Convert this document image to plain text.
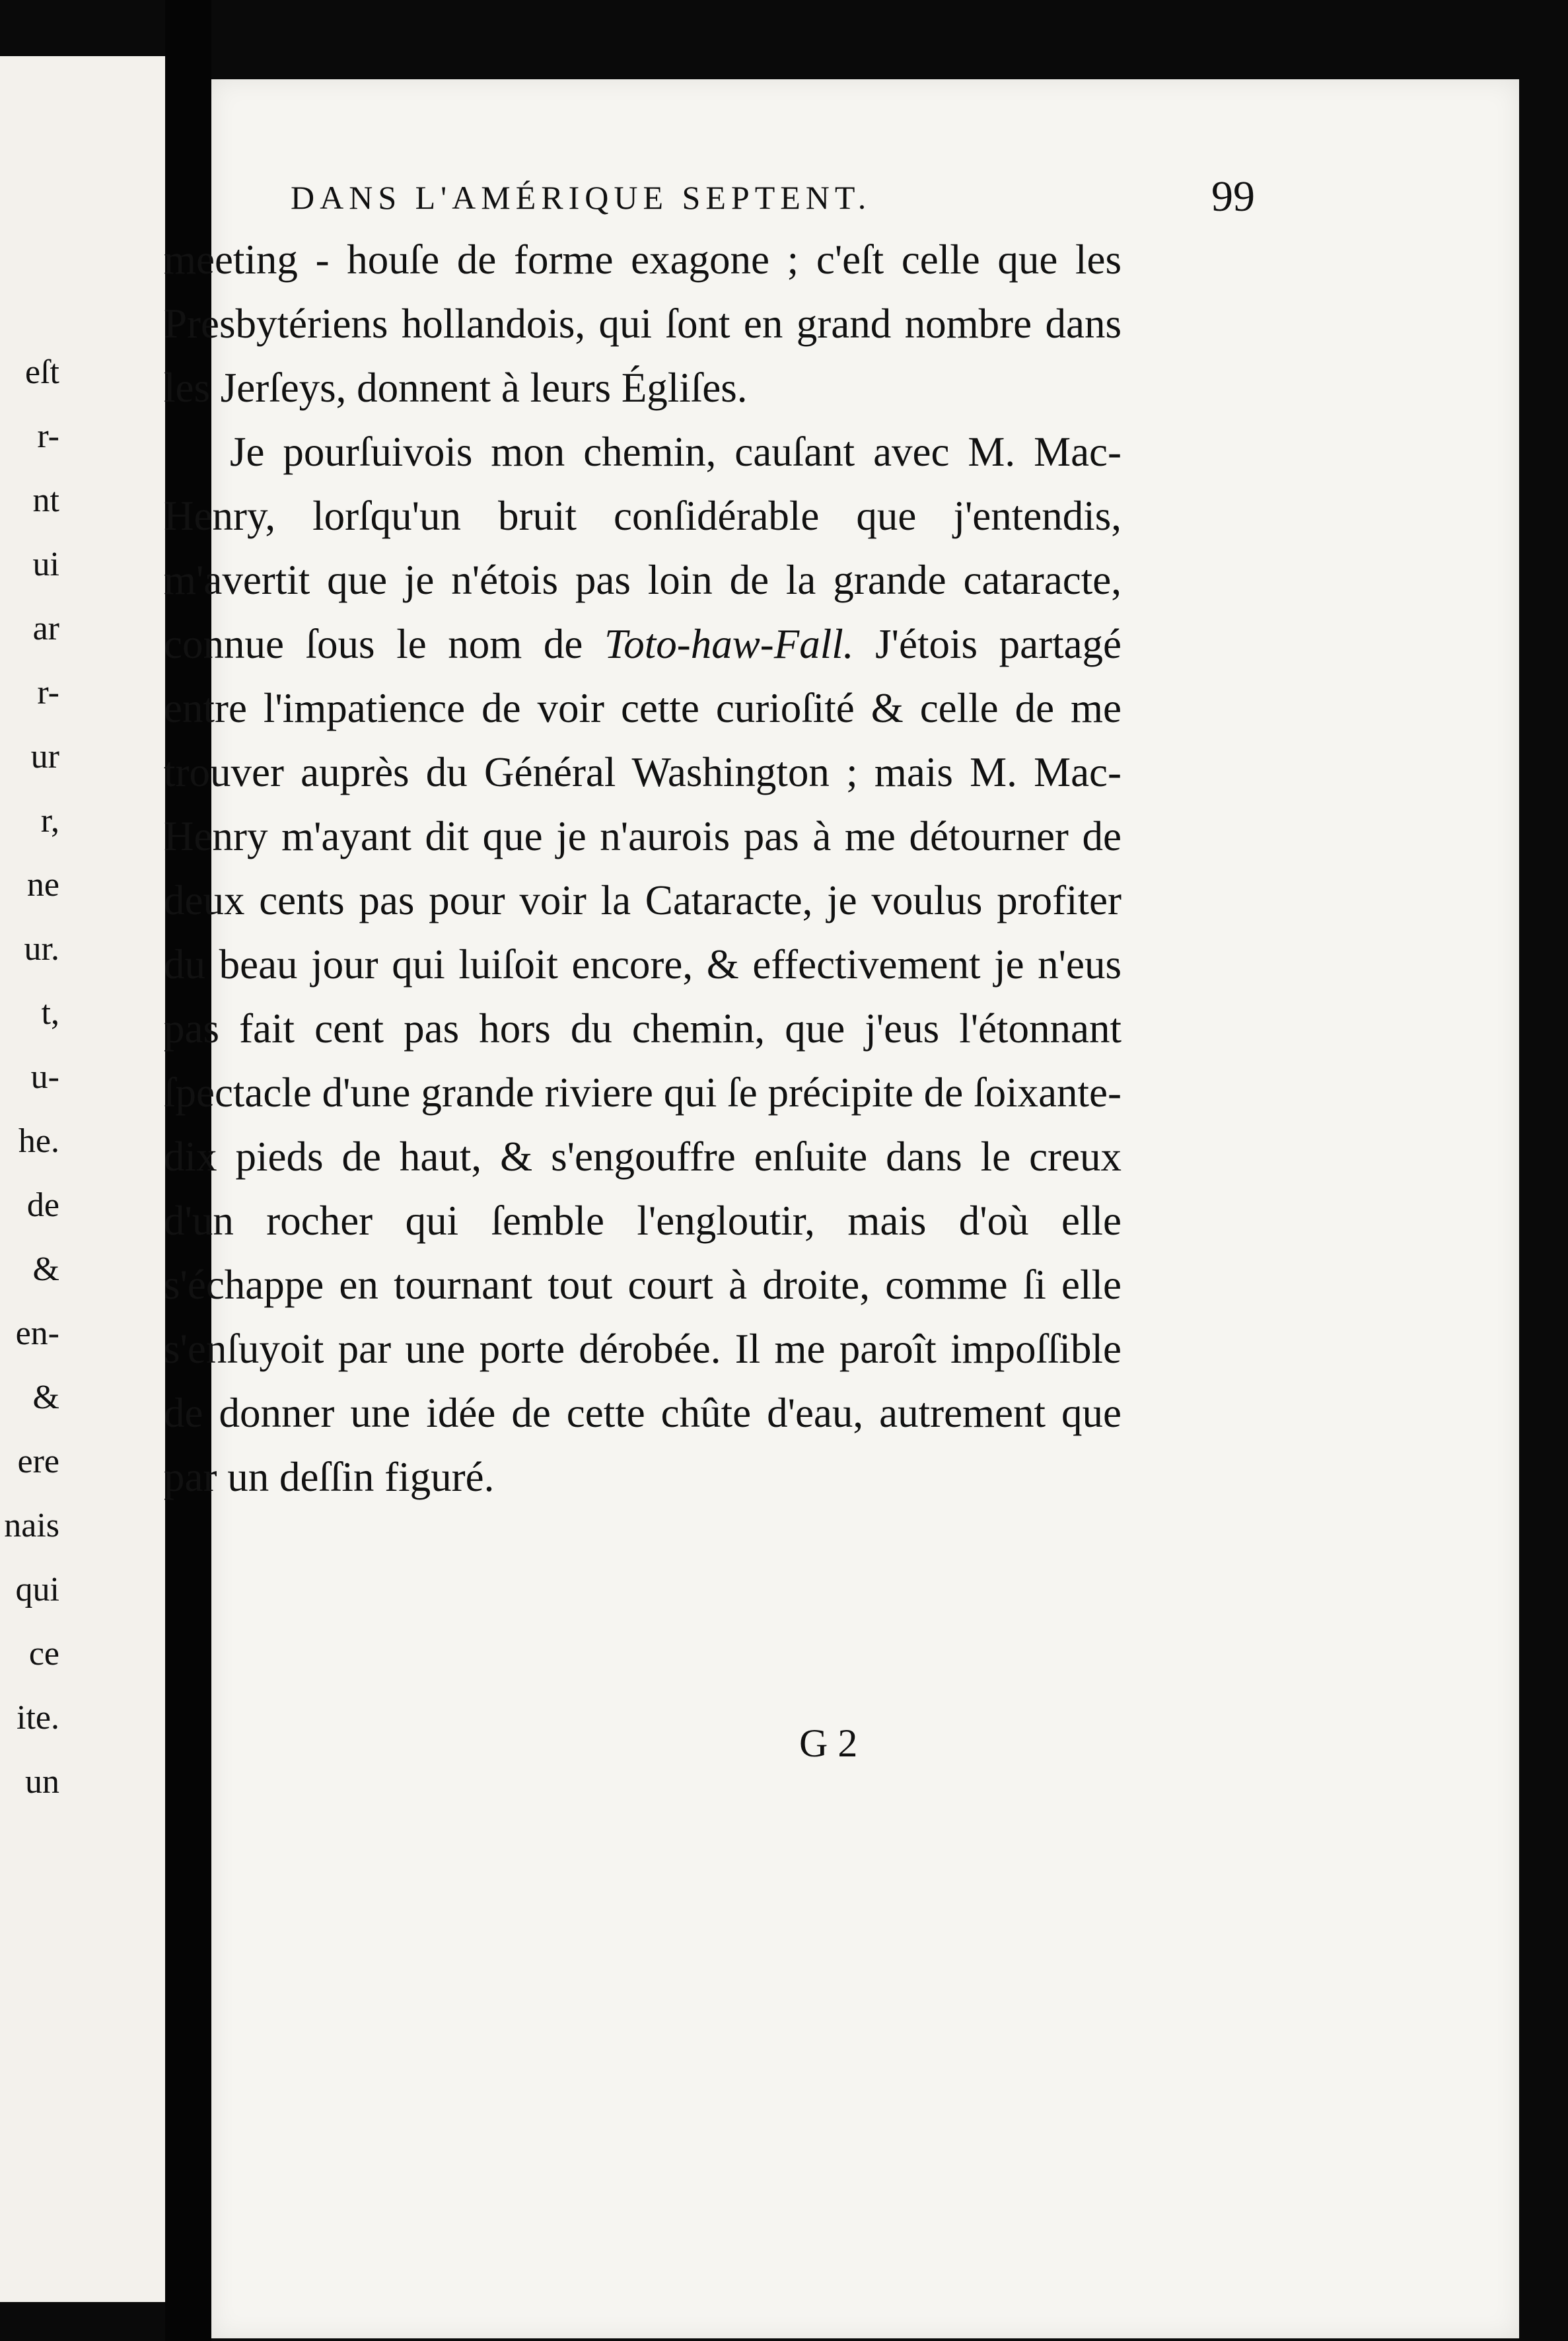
eſt
r-
nt
ui
ar
r-
ur
r,
ne
ur.
t,
u-
he.
de
&
en-
&
ere
nais
qui
ce
ite.
un
DANS L'AMÉRIQUE SEPTENT.	99

meeting - houſe de forme exagone ; c'eſt celle que les Presbytériens hollandois, qui ſont en grand nombre dans les Jerſeys, donnent à leurs Égliſes.

Je pourſuivois mon chemin, cauſant avec M. Mac-Henry, lorſqu'un bruit conſidérable que j'entendis, m'avertit que je n'étois pas loin de la grande cataracte, connue ſous le nom de Toto-haw-Fall. J'étois partagé entre l'impatience de voir cette curioſité & celle de me trouver auprès du Général Washington ; mais M. Mac-Henry m'ayant dit que je n'aurois pas à me détourner de deux cents pas pour voir la Cataracte, je voulus profiter du beau jour qui luiſoit encore, & effectivement je n'eus pas fait cent pas hors du chemin, que j'eus l'étonnant ſpectacle d'une grande riviere qui ſe précipite de ſoixante-dix pieds de haut, & s'engouffre enſuite dans le creux d'un rocher qui ſemble l'engloutir, mais d'où elle s'échappe en tournant tout court à droite, comme ſi elle s'enſuyoit par une porte dérobée. Il me paroît impoſſible de donner une idée de cette chûte d'eau, autrement que par un deſſin figuré.

G 2
